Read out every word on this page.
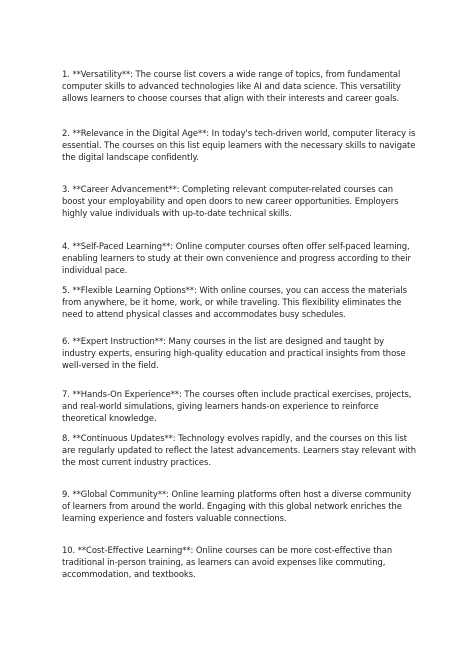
1. **Versatility**: The course list covers a wide range of topics, from fundamental computer skills to advanced technologies like AI and data science. This versatility allows learners to choose courses that align with their interests and career goals.

2. **Relevance in the Digital Age**: In today's tech-driven world, computer literacy is essential. The courses on this list equip learners with the necessary skills to navigate the digital landscape confidently.

3. **Career Advancement**: Completing relevant computer-related courses can boost your employability and open doors to new career opportunities. Employers highly value individuals with up-to-date technical skills.

4. **Self-Paced Learning**: Online computer courses often offer self-paced learning, enabling learners to study at their own convenience and progress according to their individual pace.

5. **Flexible Learning Options**: With online courses, you can access the materials from anywhere, be it home, work, or while traveling. This flexibility eliminates the need to attend physical classes and accommodates busy schedules.

6. **Expert Instruction**: Many courses in the list are designed and taught by industry experts, ensuring high-quality education and practical insights from those well-versed in the field.

7. **Hands-On Experience**: The courses often include practical exercises, projects, and real-world simulations, giving learners hands-on experience to reinforce theoretical knowledge.

8. **Continuous Updates**: Technology evolves rapidly, and the courses on this list are regularly updated to reflect the latest advancements. Learners stay relevant with the most current industry practices.

9. **Global Community**: Online learning platforms often host a diverse community of learners from around the world. Engaging with this global network enriches the learning experience and fosters valuable connections.

10. **Cost-Effective Learning**: Online courses can be more cost-effective than traditional in-person training, as learners can avoid expenses like commuting, accommodation, and textbooks.
